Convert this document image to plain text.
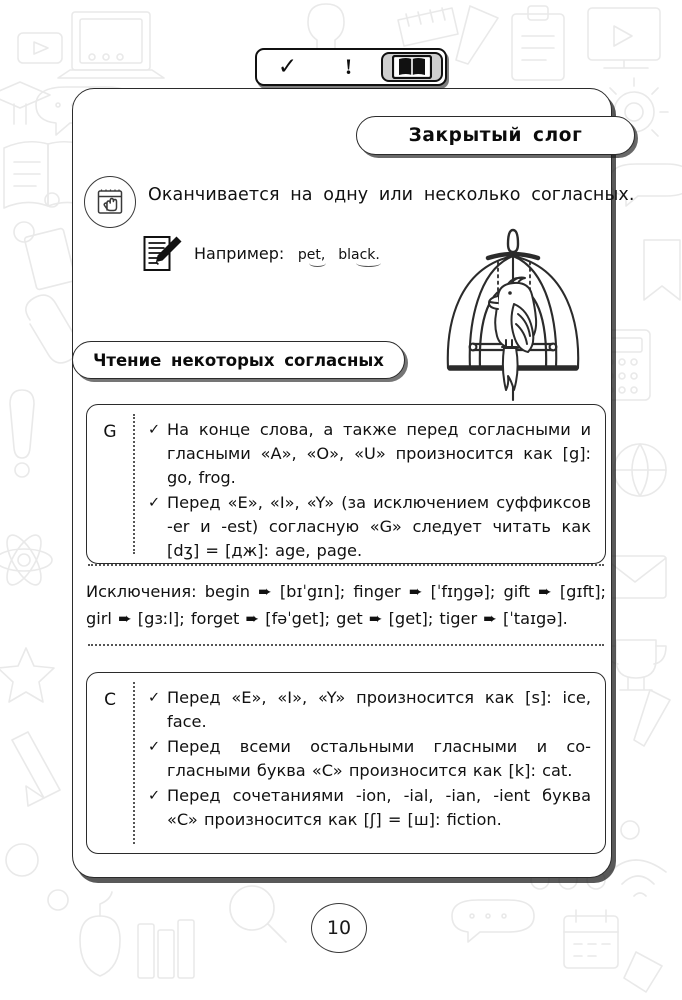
✓ !
Закрытый слог
Оканчивается на одну или несколько согласных.
Например: pet, black.
Чтение некоторых согласных
G	✓ На конце слова, а также перед согласными и гласными «A», «O», «U» произносится как [g]: go, frog.
✓ Перед «E», «I», «Y» (за исключением суффиксов -er и -est) согласную «G» следует читать как [dʒ] = [дж]: age, page.
Исключения: begin ➨ [bɪˈgɪn]; finger ➨ [ˈfɪŋgə]; gift ➨ [gɪft]; girl ➨ [gɜːl]; forget ➨ [fəˈget]; get ➨ [get]; tiger ➨ [ˈtaɪgə].
C	✓ Перед «E», «I», «Y» произносится как [s]: ice, face.
✓ Перед всеми остальными гласными и согласными буква «C» произносится как [k]: cat.
✓ Перед сочетаниями -ion, -ial, -ian, -ient буква «C» произносится как [ʃ] = [ш]: fiction.
10
